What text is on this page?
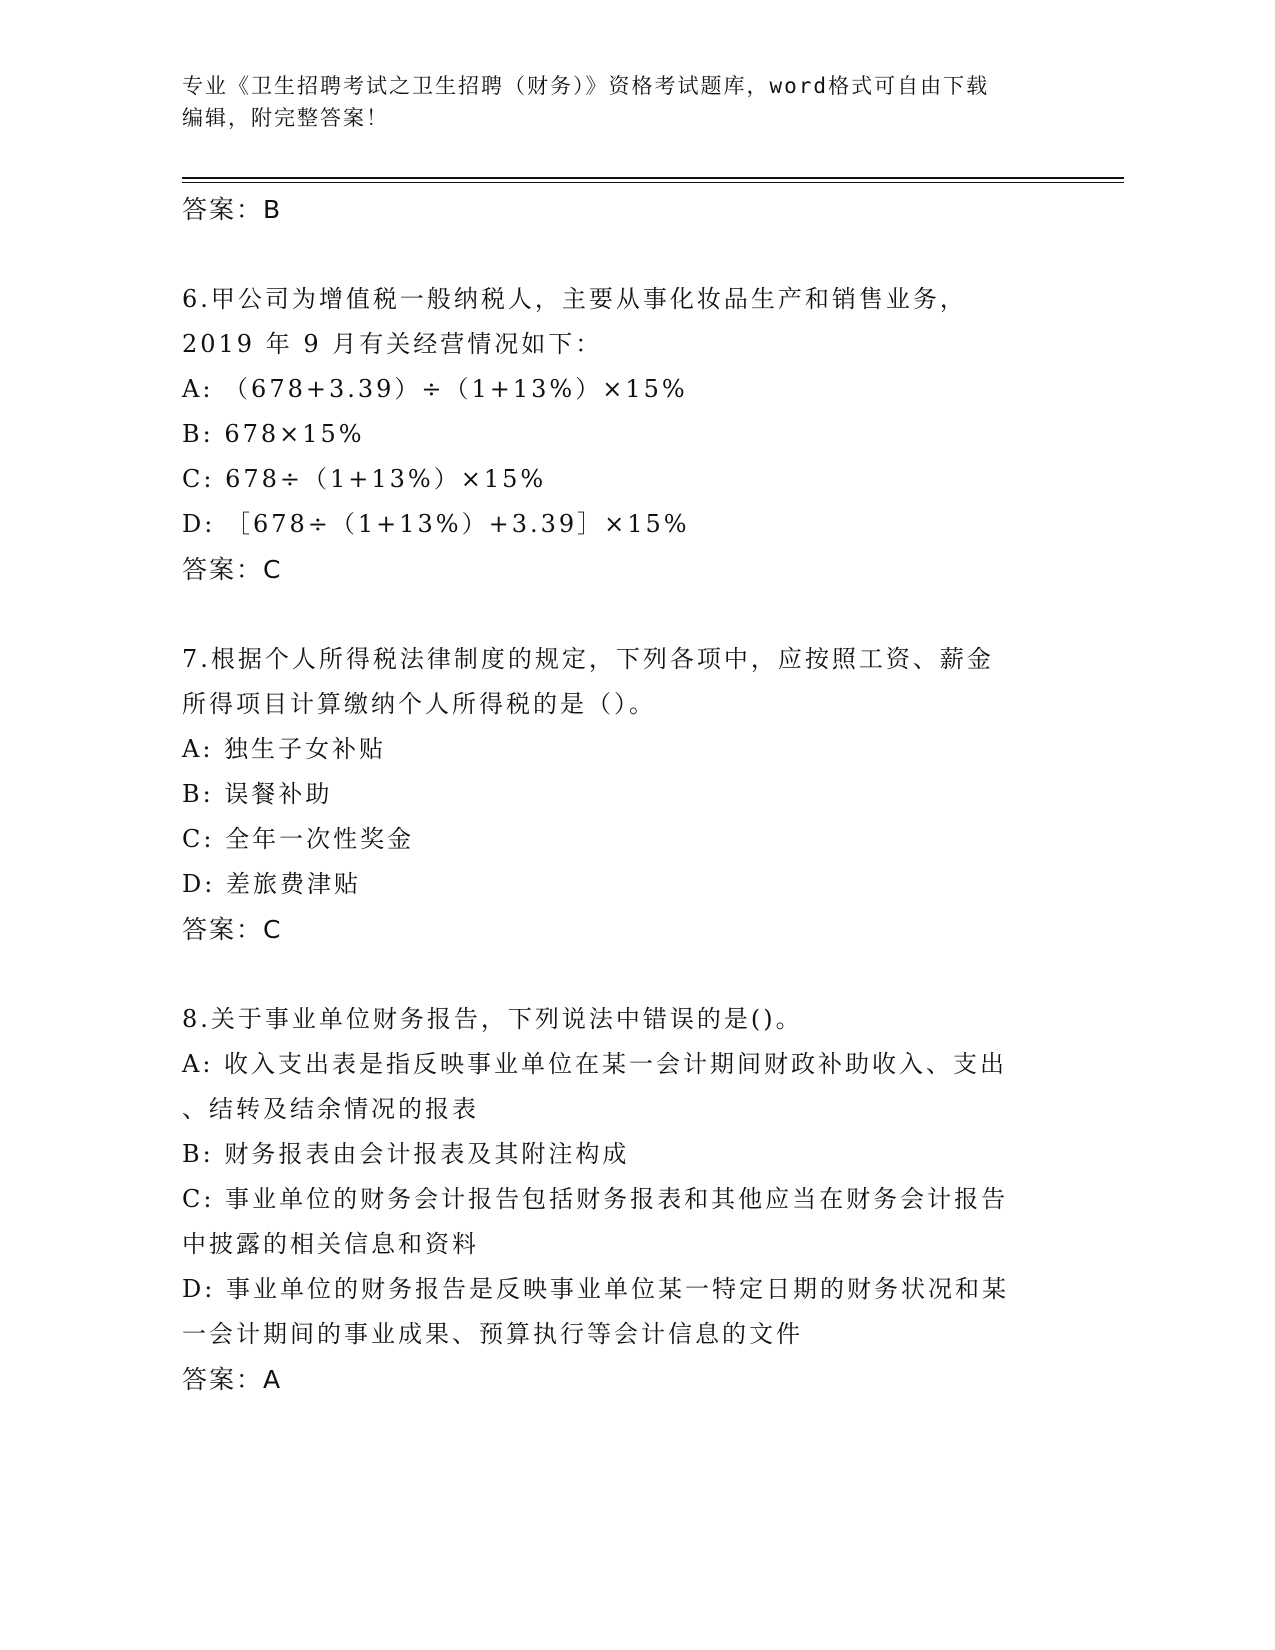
专业《卫生招聘考试之卫生招聘（财务）》资格考试题库，word格式可自由下载
编辑，附完整答案！
答案：B
6.甲公司为增值税一般纳税人，主要从事化妆品生产和销售业务，
2019 年 9 月有关经营情况如下：
A: （678+3.39）÷（1+13%）×15%
B: 678×15%
C: 678÷（1+13%）×15%
D: ［678÷（1+13%）+3.39］×15%
答案：C
7.根据个人所得税法律制度的规定，下列各项中，应按照工资、薪金
所得项目计算缴纳个人所得税的是（）。
A: 独生子女补贴
B: 误餐补助
C: 全年一次性奖金
D: 差旅费津贴
答案：C
8.关于事业单位财务报告，下列说法中错误的是()。
A: 收入支出表是指反映事业单位在某一会计期间财政补助收入、支出
、结转及结余情况的报表
B: 财务报表由会计报表及其附注构成
C: 事业单位的财务会计报告包括财务报表和其他应当在财务会计报告
中披露的相关信息和资料
D: 事业单位的财务报告是反映事业单位某一特定日期的财务状况和某
一会计期间的事业成果、预算执行等会计信息的文件
答案：A
